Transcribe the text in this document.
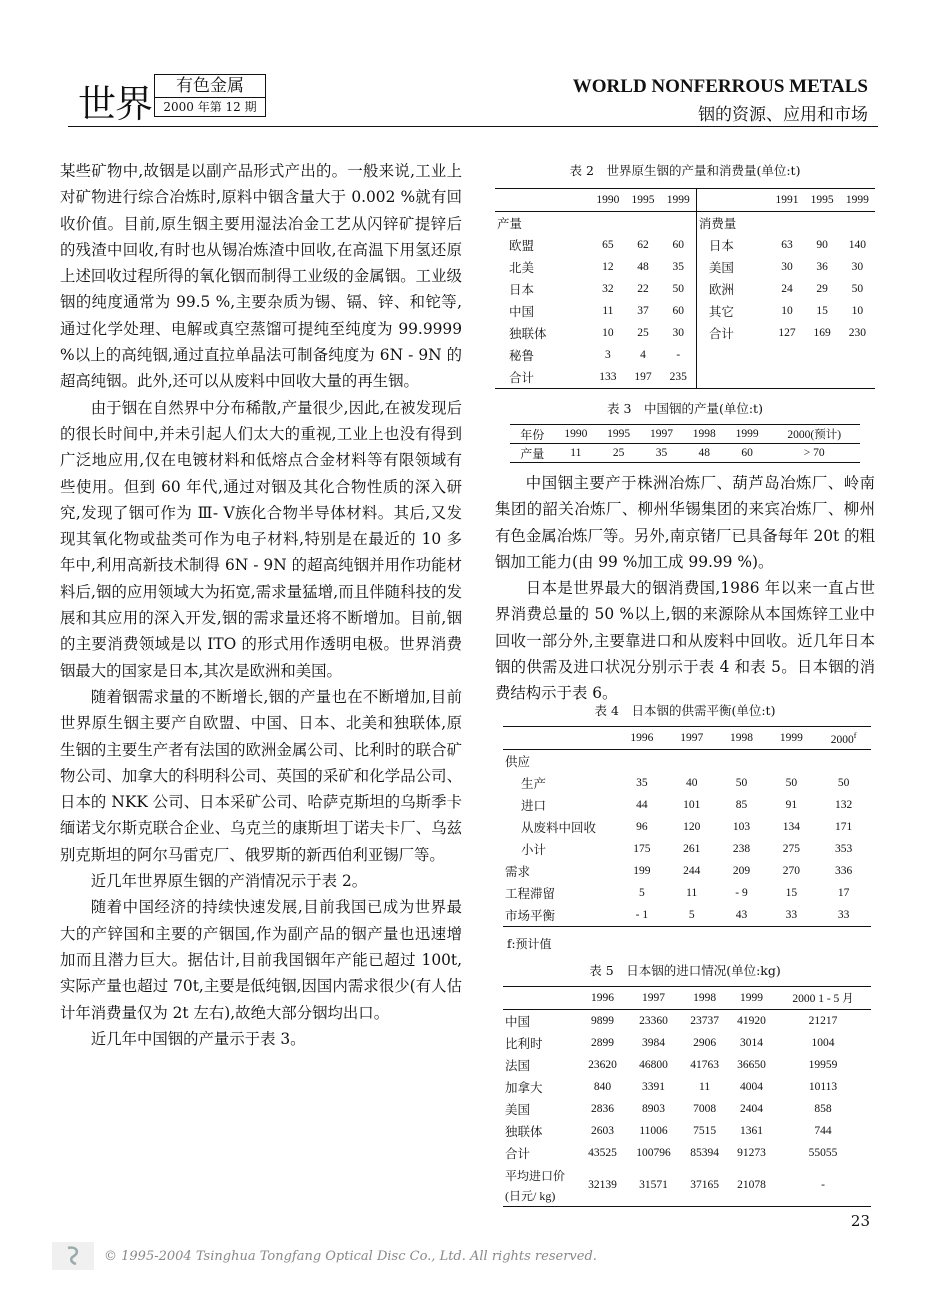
世界	有色金属
2000 年第 12 期
WORLD NONFERROUS METALS
铟的资源、应用和市场

某些矿物中,故铟是以副产品形式产出的。一般来说,工业上对矿物进行综合冶炼时,原料中铟含量大于 0.002 %就有回收价值。目前,原生铟主要用湿法冶金工艺从闪锌矿提锌后的残渣中回收,有时也从锡冶炼渣中回收,在高温下用氢还原上述回收过程所得的氧化铟而制得工业级的金属铟。工业级铟的纯度通常为 99.5 %,主要杂质为锡、镉、锌、和铊等,通过化学处理、电解或真空蒸馏可提纯至纯度为 99.9999 %以上的高纯铟,通过直拉单晶法可制备纯度为 6N - 9N 的超高纯铟。此外,还可以从废料中回收大量的再生铟。

由于铟在自然界中分布稀散,产量很少,因此,在被发现后的很长时间中,并未引起人们太大的重视,工业上也没有得到广泛地应用,仅在电镀材料和低熔点合金材料等有限领域有些使用。但到 60 年代,通过对铟及其化合物性质的深入研究,发现了铟可作为 Ⅲ- Ⅴ族化合物半导体材料。其后,又发现其氧化物或盐类可作为电子材料,特别是在最近的 10 多年中,利用高新技术制得 6N - 9N 的超高纯铟并用作功能材料后,铟的应用领域大为拓宽,需求量猛增,而且伴随科技的发展和其应用的深入开发,铟的需求量还将不断增加。目前,铟的主要消费领域是以 ITO 的形式用作透明电极。世界消费铟最大的国家是日本,其次是欧洲和美国。

随着铟需求量的不断增长,铟的产量也在不断增加,目前世界原生铟主要产自欧盟、中国、日本、北美和独联体,原生铟的主要生产者有法国的欧洲金属公司、比利时的联合矿物公司、加拿大的科明科公司、英国的采矿和化学品公司、日本的 NKK 公司、日本采矿公司、哈萨克斯坦的乌斯季卡缅诺戈尔斯克联合企业、乌克兰的康斯坦丁诺夫卡厂、乌兹别克斯坦的阿尔马雷克厂、俄罗斯的新西伯利亚锡厂等。

近几年世界原生铟的产消情况示于表 2。

随着中国经济的持续快速发展,目前我国已成为世界最大的产锌国和主要的产铟国,作为副产品的铟产量也迅速增加而且潜力巨大。据估计,目前我国铟年产能已超过 100t,实际产量也超过 70t,主要是低纯铟,因国内需求很少(有人估计年消费量仅为 2t 左右),故绝大部分铟均出口。

近几年中国铟的产量示于表 3。

表 2　世界原生铟的产量和消费量(单位:t)
	1990	1995	1999		1991	1995	1999
产量				消费量			
欧盟	65	62	60	日本	63	90	140
北美	12	48	35	美国	30	36	30
日本	32	22	50	欧洲	24	29	50
中国	11	37	60	其它	10	15	10
独联体	10	25	30	合计	127	169	230
秘鲁	3	4	-				
合计	133	197	235				
表 3　中国铟的产量(单位:t)
年份	1990	1995	1997	1998	1999	2000(预计)
产量	11	25	35	48	60	> 70

中国铟主要产于株洲冶炼厂、葫芦岛冶炼厂、岭南集团的韶关冶炼厂、柳州华锡集团的来宾冶炼厂、柳州有色金属冶炼厂等。另外,南京锗厂已具备每年 20t 的粗铟加工能力(由 99 %加工成 99.99 %)。

日本是世界最大的铟消费国,1986 年以来一直占世界消费总量的 50 %以上,铟的来源除从本国炼锌工业中回收一部分外,主要靠进口和从废料中回收。近几年日本铟的供需及进口状况分别示于表 4 和表 5。日本铟的消费结构示于表 6。

表 4　日本铟的供需平衡(单位:t)
	1996	1997	1998	1999	2000$^f$
供应					
生产	35	40	50	50	50
进口	44	101	85	91	132
从废料中回收	96	120	103	134	171
小计	175	261	238	275	353
需求	199	244	209	270	336
工程滞留	5	11	- 9	15	17
市场平衡	- 1	5	43	33	33
f:预计值
表 5　日本铟的进口情况(单位:kg)
	1996	1997	1998	1999	2000 1 - 5 月
中国	9899	23360	23737	41920	21217
比利时	2899	3984	2906	3014	1004
法国	23620	46800	41763	36650	19959
加拿大	840	3391	11	4004	10113
美国	2836	8903	7008	2404	858
独联体	2603	11006	7515	1361	744
合计	43525	100796	85394	91273	55055

平均进口价
(日元/ kg)	32139	31571	37165	21078	-
23
© 1995-2004 Tsinghua Tongfang Optical Disc Co., Ltd. All rights reserved.
